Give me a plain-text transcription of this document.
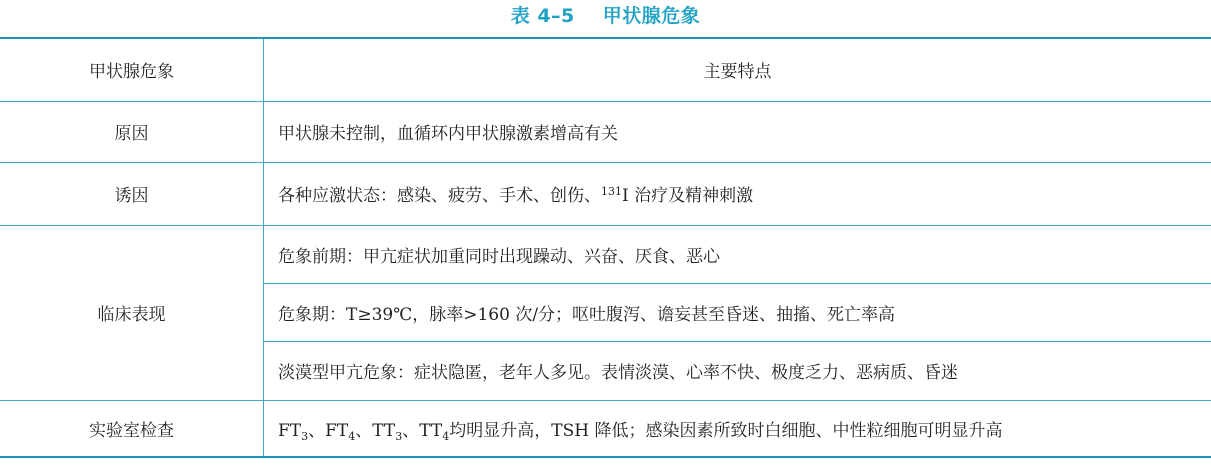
表 4–5 甲状腺危象
甲状腺危象	主要特点
原因	甲状腺未控制，血循环内甲状腺激素增高有关
诱因	各种应激状态：感染、疲劳、手术、创伤、$^{131}$I 治疗及精神刺激
临床表现	危象前期：甲亢症状加重同时出现躁动、兴奋、厌食、恶心
	危象期：T≥39℃，脉率>160 次/分；呕吐腹泻、谵妄甚至昏迷、抽搐、死亡率高
	淡漠型甲亢危象：症状隐匿，老年人多见。表情淡漠、心率不快、极度乏力、恶病质、昏迷
实验室检查	$FT_3$、$FT_4$、$TT_3$、$TT_4$均明显升高，TSH 降低；感染因素所致时白细胞、中性粒细胞可明显升高
